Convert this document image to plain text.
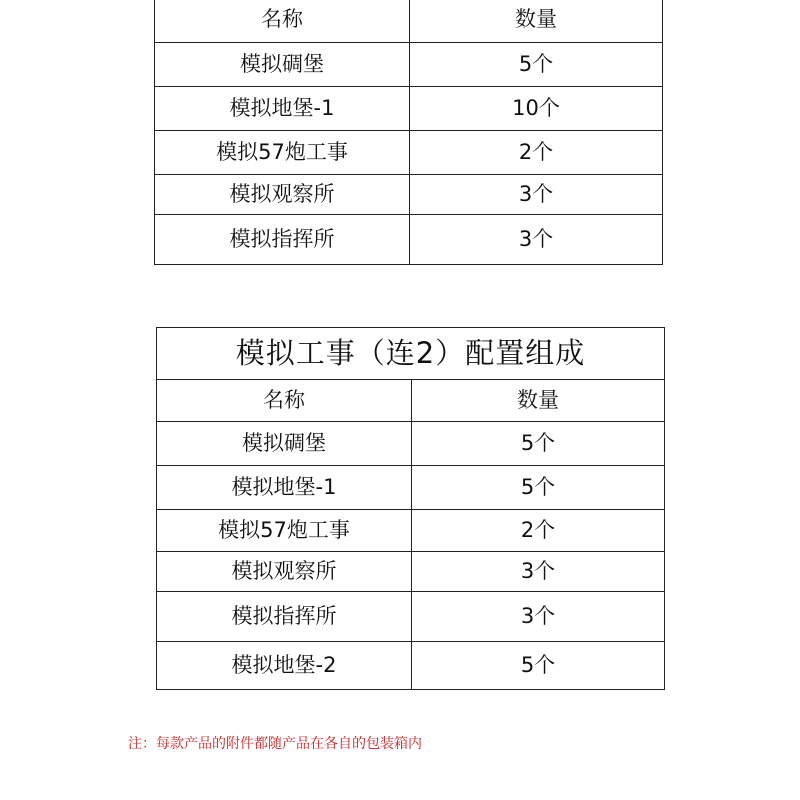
名称	数量
模拟碉堡	5个
模拟地堡-1	10个
模拟57炮工事	2个
模拟观察所	3个
模拟指挥所	3个
模拟工事（连2）配置组成	
名称	数量
模拟碉堡	5个
模拟地堡-1	5个
模拟57炮工事	2个
模拟观察所	3个
模拟指挥所	3个
模拟地堡-2	5个
注：每款产品的附件都随产品在各自的包装箱内
